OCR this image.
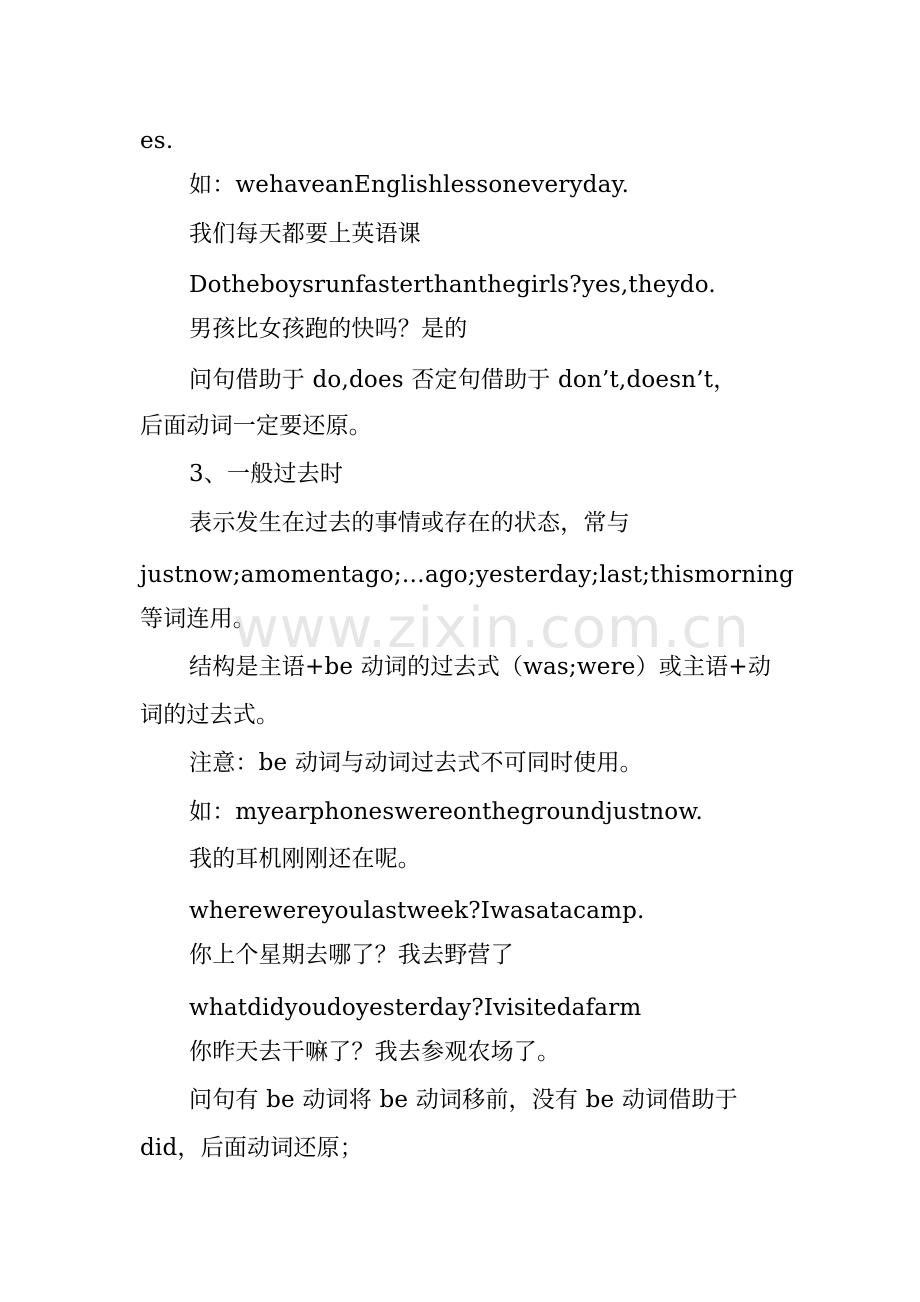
es.
如：wehaveanEnglishlessoneveryday.
我们每天都要上英语课
Dotheboysrunfasterthanthegirls?yes,theydo.
男孩比女孩跑的快吗？是的
问句借助于 do,does 否定句借助于 don’t,doesn’t，
后面动词一定要还原。
3、一般过去时
表示发生在过去的事情或存在的状态，常与
justnow;amomentago;…ago;yesterday;last;thismorning
等词连用。
结构是主语+be 动词的过去式（was;were）或主语+动
词的过去式。
注意：be 动词与动词过去式不可同时使用。
如：myearphoneswereonthegroundjustnow.
我的耳机刚刚还在呢。
wherewereyoulastweek?Iwasatacamp.
你上个星期去哪了？我去野营了
whatdidyoudoyesterday?Ivisitedafarm
你昨天去干嘛了？我去参观农场了。
问句有 be 动词将 be 动词移前，没有 be 动词借助于
did，后面动词还原；
www.zixin.com.cn
